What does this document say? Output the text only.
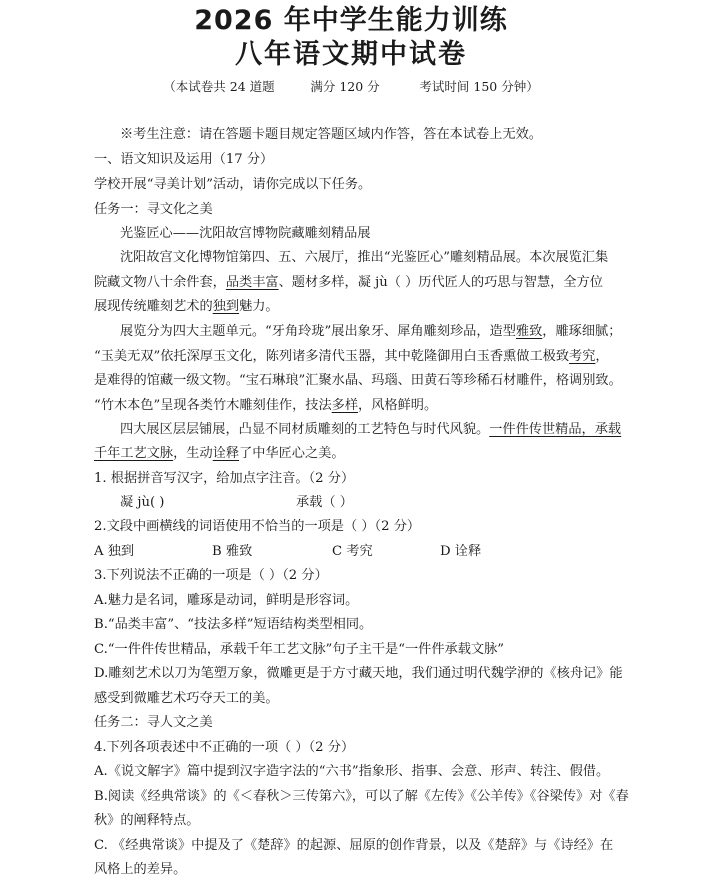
2026 年中学生能力训练
八年语文期中试卷
（本试卷共 24 道题         满分 120 分          考试时间 150 分钟）
※考生注意：请在答题卡题目规定答题区域内作答，答在本试卷上无效。
一、语文知识及运用（17 分）
学校开展“寻美计划”活动，请你完成以下任务。
任务一：寻文化之美
光鉴匠心——沈阳故宫博物院藏雕刻精品展
沈阳故宫文化博物馆第四、五、六展厅，推出“光鉴匠心”雕刻精品展。本次展览汇集
院藏文物八十余件套，品类丰富、题材多样，凝 jù（ ）历代匠人的巧思与智慧，全方位
展现传统雕刻艺术的独到魅力。
展览分为四大主题单元。“牙角玲珑”展出象牙、犀角雕刻珍品，造型雅致，雕琢细腻；
“玉美无双”依托深厚玉文化，陈列诸多清代玉器，其中乾隆御用白玉香熏做工极致考究，
是难得的馆藏一级文物。“宝石琳琅”汇聚水晶、玛瑙、田黄石等珍稀石材雕件，格调别致。
“竹木本色”呈现各类竹木雕刻佳作，技法多样，风格鲜明。
四大展区层层铺展，凸显不同材质雕刻的工艺特色与时代风貌。一件件传世精品，承载
千年工艺文脉，生动诠释了中华匠心之美。
1. 根据拼音写汉字，给加点字注音。（2 分）
凝 jù( )	承载（ ）
2.文段中画横线的词语使用不恰当的一项是（ ）（2 分）
A 独到	B 雅致	C 考究	D 诠释
3.下列说法不正确的一项是（ ）（2 分）
A.魅力是名词，雕琢是动词，鲜明是形容词。
B.“品类丰富”、“技法多样”短语结构类型相同。
C.“一件件传世精品，承载千年工艺文脉”句子主干是“一件件承载文脉”
D.雕刻艺术以刀为笔塑万象，微雕更是于方寸藏天地，我们通过明代魏学洢的《核舟记》能
感受到微雕艺术巧夺天工的美。
任务二：寻人文之美
4.下列各项表述中不正确的一项（ ）（2 分）
A.《说文解字》篇中提到汉字造字法的“六书”指象形、指事、会意、形声、转注、假借。
B.阅读《经典常谈》的《＜春秋＞三传第六》，可以了解《左传》《公羊传》《谷梁传》对《春
秋》的阐释特点。
C. 《经典常谈》中提及了《楚辞》的起源、屈原的创作背景，以及《楚辞》与《诗经》在
风格上的差异。
